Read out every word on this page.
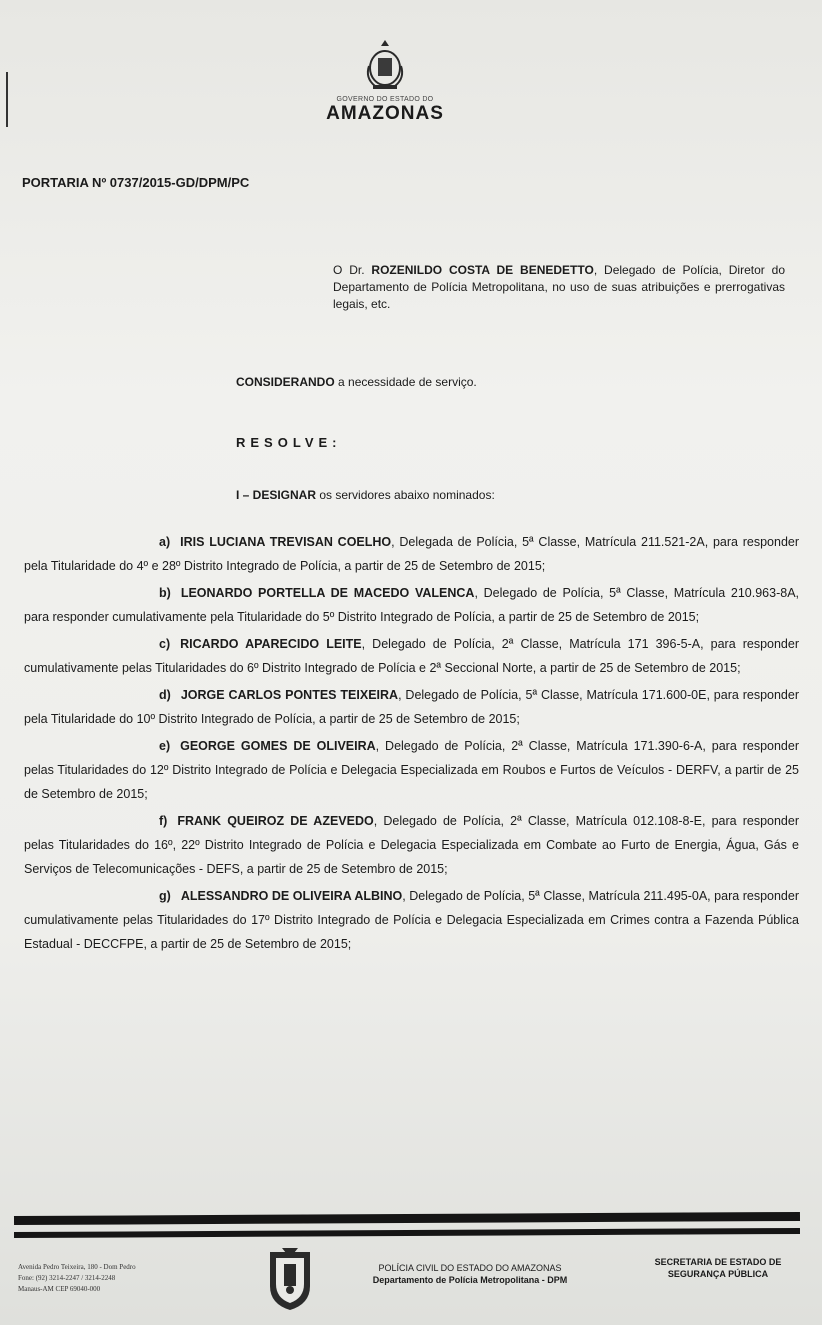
GOVERNO DO ESTADO DO
AMAZONAS
PORTARIA Nº 0737/2015-GD/DPM/PC
O Dr. ROZENILDO COSTA DE BENEDETTO, Delegado de Polícia, Diretor do Departamento de Polícia Metropolitana, no uso de suas atribuições e prerrogativas legais, etc.
CONSIDERANDO a necessidade de serviço.
RESOLVE:
I – DESIGNAR os servidores abaixo nominados:
a) IRIS LUCIANA TREVISAN COELHO, Delegada de Polícia, 5ª Classe, Matrícula 211.521-2A, para responder pela Titularidade do 4º e 28º Distrito Integrado de Polícia, a partir de 25 de Setembro de 2015;
b) LEONARDO PORTELLA DE MACEDO VALENCA, Delegado de Polícia, 5ª Classe, Matrícula 210.963-8A, para responder cumulativamente pela Titularidade do 5º Distrito Integrado de Polícia, a partir de 25 de Setembro de 2015;
c) RICARDO APARECIDO LEITE, Delegado de Polícia, 2ª Classe, Matrícula 171 396-5-A, para responder cumulativamente pelas Titularidades do 6º Distrito Integrado de Polícia e 2ª Seccional Norte, a partir de 25 de Setembro de 2015;
d) JORGE CARLOS PONTES TEIXEIRA, Delegado de Polícia, 5ª Classe, Matrícula 171.600-0E, para responder pela Titularidade do 10º Distrito Integrado de Polícia, a partir de 25 de Setembro de 2015;
e) GEORGE GOMES DE OLIVEIRA, Delegado de Polícia, 2ª Classe, Matrícula 171.390-6-A, para responder pelas Titularidades do 12º Distrito Integrado de Polícia e Delegacia Especializada em Roubos e Furtos de Veículos - DERFV, a partir de 25 de Setembro de 2015;
f) FRANK QUEIROZ DE AZEVEDO, Delegado de Polícia, 2ª Classe, Matrícula 012.108-8-E, para responder pelas Titularidades do 16º, 22º Distrito Integrado de Polícia e Delegacia Especializada em Combate ao Furto de Energia, Água, Gás e Serviços de Telecomunicações - DEFS, a partir de 25 de Setembro de 2015;
g) ALESSANDRO DE OLIVEIRA ALBINO, Delegado de Polícia, 5ª Classe, Matrícula 211.495-0A, para responder cumulativamente pelas Titularidades do 17º Distrito Integrado de Polícia e Delegacia Especializada em Crimes contra a Fazenda Pública Estadual - DECCFPE, a partir de 25 de Setembro de 2015;
Avenida Pedro Teixeira, 180 - Dom Pedro
Fone: (92) 3214-2247 / 3214-2248
Manaus-AM CEP 69040-000
POLÍCIA CIVIL DO ESTADO DO AMAZONAS
Departamento de Polícia Metropolitana - DPM
SECRETARIA DE ESTADO DE
SEGURANÇA PÚBLICA
